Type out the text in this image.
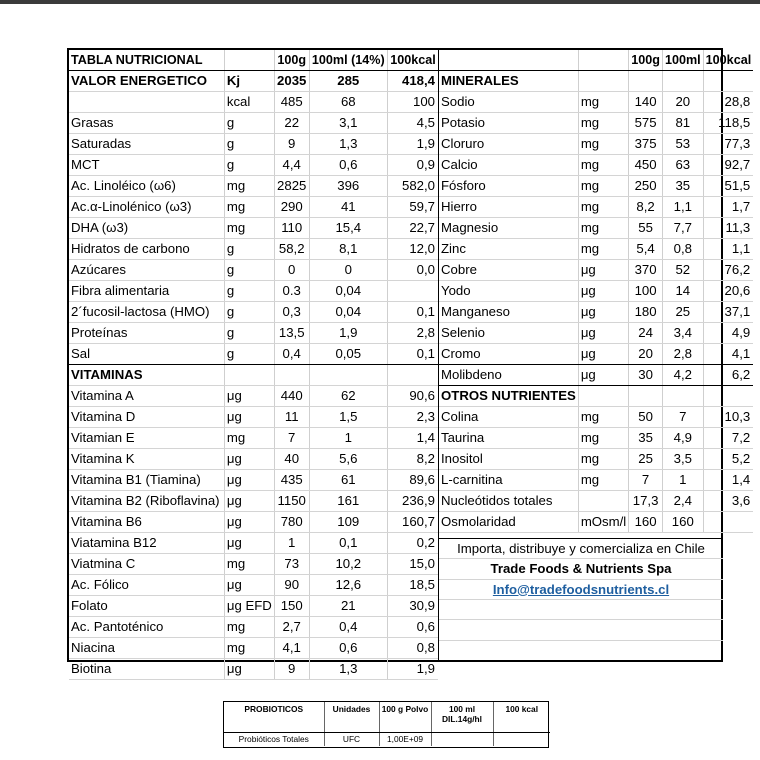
TABLA NUTRICIONAL		100g	100ml (14%)	100kcal
VALOR ENERGETICO	Kj	2035	285	418,4
	kcal	485	68	100
Grasas	g	22	3,1	4,5
Saturadas	g	9	1,3	1,9
MCT	g	4,4	0,6	0,9
Ac. Linoléico (ω6)	mg	2825	396	582,0
Ac.α-Linolénico (ω3)	mg	290	41	59,7
DHA (ω3)	mg	110	15,4	22,7
Hidratos de carbono	g	58,2	8,1	12,0
Azúcares	g	0	0	0,0
Fibra alimentaria	g	0.3	0,04	
2´fucosil-lactosa (HMO)	g	0,3	0,04	0,1
Proteínas	g	13,5	1,9	2,8
Sal	g	0,4	0,05	0,1
VITAMINAS				
Vitamina A	μg	440	62	90,6
Vitamina D	μg	11	1,5	2,3
Vitamian E	mg	7	1	1,4
Vitamina K	μg	40	5,6	8,2
Vitamina B1 (Tiamina)	μg	435	61	89,6
Vitamina B2 (Riboflavina)	μg	1150	161	236,9
Vitamina B6	μg	780	109	160,7
Viatamina B12	μg	1	0,1	0,2
Viatmina C	mg	73	10,2	15,0
Ac. Fólico	μg	90	12,6	18,5
Folato	μg EFD	150	21	30,9
Ac. Pantoténico	mg	2,7	0,4	0,6
Niacina	mg	4,1	0,6	0,8
Biotina	μg	9	1,3	1,9
		100g	100ml	100kcal
MINERALES				
Sodio	mg	140	20	28,8
Potasio	mg	575	81	118,5
Cloruro	mg	375	53	77,3
Calcio	mg	450	63	92,7
Fósforo	mg	250	35	51,5
Hierro	mg	8,2	1,1	1,7
Magnesio	mg	55	7,7	11,3
Zinc	mg	5,4	0,8	1,1
Cobre	μg	370	52	76,2
Yodo	μg	100	14	20,6
Manganeso	μg	180	25	37,1
Selenio	μg	24	3,4	4,9
Cromo	μg	20	2,8	4,1
Molibdeno	μg	30	4,2	6,2
OTROS NUTRIENTES				
Colina	mg	50	7	10,3
Taurina	mg	35	4,9	7,2
Inositol	mg	25	3,5	5,2
L-carnitina	mg	7	1	1,4
Nucleótidos totales		17,3	2,4	3,6
Osmolaridad	mOsm/l	160	160	
Importa, distribuye y comercializa en Chile
Trade Foods & Nutrients Spa
Info@tradefoodsnutrients.cl
PROBIOTICOS	Unidades	100 g Polvo	100 ml DIL.14g/hl	100 kcal
Probióticos Totales	UFC	1,00E+09		
